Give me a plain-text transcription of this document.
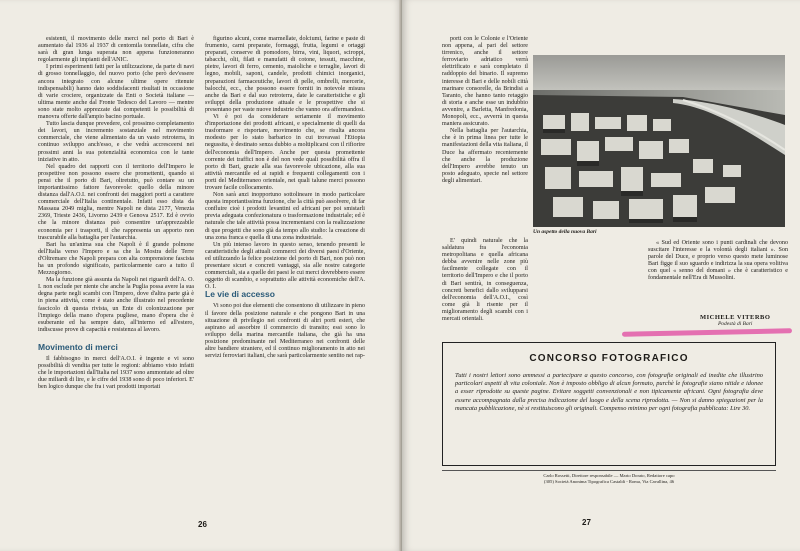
esistenti, il movimento delle merci nel porto di Bari è aumentato dal 1936 al 1937 di centomila tonnellate, cifra che sarà di gran lunga superata non appena funzioneranno regolarmente gli impianti dell'ANIC.

I primi esperimenti fatti per la utilizzazione, da parte di navi di grosso tonnellaggio, del nuovo porto (che però dev'essere ancora integrato con alcune ultime opere ritenute indispensabili) hanno dato soddisfacenti risultati in occasione di varie crociere, organizzate da Enti o Società italiane — ultima mente anche dal Fronte Tedesco del Lavoro — mentre sono state molto apprezzate dai competenti le possibilità di manovra offerte dall'ampio bacino portuale.

Tutto lascia dunque prevedere, col prossimo completamento dei lavori, un incremento sostanziale nel movimento commerciale, che viene alimentato da un vasto retroterra, in continuo sviluppo anch'esso, e che vedrà accresceersi nei prossimi anni la sua potenzialità economica con le tante iniziative in atto.

Nel quadro dei rapporti con il territorio dell'Impero le prospettive non possono essere che promettenti, quando si pensi che il porto di Bari, oltretutto, può contare su un importantissimo fattore favorevole: quello della minore distanza dall'A.O.I. nei confronti dei maggiori porti a carattere commerciale dell'Italia continentale. Infatti esso dista da Massaua 2049 miglia, mentre Napoli ne dista 2177, Venezia 2369, Trieste 2436, Livorno 2439 e Genova 2517. Ed è ovvio che la minore distanza può consentire un'apprezzabile economia per i trasporti, il che rappresenta un apporto non trascurabile alla battaglia per l'autarchia.

Bari ha un'anima sua che Napoli è il grande polmone dell'Italia verso l'Impero e sa che la Mostra delle Terre d'Oltremare che Napoli prepara con alta comprensione fascista ha un profondo significato, particolarmente caro a tutto il Mezzogiorno.

Ma la funzione già assunta da Napoli nei riguardi dell'A. O. I. non esclude per niente che anche la Puglia possa avere la sua degna parte negli scambi con l'Impero, dove d'altra parte già è in piena attività, come è stato anche illustrato nel precedente fascicolo di questa rivista, un Ente di colonizzazione per l'impiego della mano d'opera pugliese, mano d'opera che è esuberante ed ha sempre dato, all'interno ed all'estero, indiscusse prove di capacità e resistenza al lavoro.

Movimento di merci

Il fabbisogno in merci dell'A.O.I. è ingente e vi sono possibilità di vendita per tutte le regioni: abbiamo visto infatti che le importazioni dall'Italia nel 1937 sono ammontate ad oltre due miliardi di lire, e le cifre del 1938 sono di poco inferiori. E' ben logico dunque che fra i vari prodotti importati

figurino alcuni, come marmellate, dolciumi, farine e paste di frumento, carni preparate, formaggi, frutta, legumi e ortaggi preparati, conserve di pomodoro, birra, vini, liquori, sciroppi, tabacchi, olii, filati e manufatti di cotone, tessuti, macchine, pietre, lavori di ferro, cemento, maioliche e terraglie, lavori di legno, mobili, saponi, candele, prodotti chimici inorganici, preparazioni farmaceutiche, lavori di pelle, ombrelli, mercerie, balocchi, ecc., che possono essere forniti in notevole misura anche da Bari e dal suo retroterra, date le caratteristiche e gli sviluppi della produzione attuale e le prospettive che si presentano per vaste nuove industrie che vanno ora affermandosi.

Vi è poi da considerare seriamente il movimento d'importazione dei prodotti africani, e specialmente di quelli da trasformare e risportare, movimento che, se risulta ancora modesto per lo stato barbarico in cui trovavasi l'Etiopia negussita, è destinato senza dubbio a moltiplicarsi con il rifiorire dell'economia dell'Impero. Anche per questa promettente corrente dei traffici non è del non vede quali possibilità offra il porto di Bari, grazie alla sua favorevole ubicazione, alla sua attività mercantile ed ai rapidi e frequenti collegamenti con i porti del Mediterraneo orientale, nei quali talune merci possono trovare facile collocamento.

Non sarà anzi inopportuno sottolineare in modo particolare questa importantissima funzione, che la città può assolvere, di far confluire cioè i prodotti levantini ed africani per poi smistarli previa adeguata confezionatura o trasformazione industriale; ed è naturale che tale attività possa incrementarsi con la realizzazione di que progetti che sono già da tempo allo studio: la creazione di una zona franca e quella di una zona industriale.

Un più intenso lavoro in questo senso, tenendo presenti le caratteristiche degli attuali commerci dei diversi paesi d'Oriente, ed utilizzando la felice posizione del porto di Bari, non può non presentare sicuri e concreti vantaggi, sia alle nostre categorie commerciali, sia a quelle dei paesi le cui merci dovrebbero essere oggetto di scambio, e soprattutto alle attività economiche dell'A. O. I.

Le vie di accesso

Vi sono poi due elementi che consentono di utilizzare in pieno il favore della posizione naturale e che pongono Bari in una situazione di privilegio nei confronti di altri porti esteri, che aspirano ad assorbire il commercio di transito; essi sono lo sviluppo della marina mercantile italiana, che già ha una posizione predominante nel Mediterraneo nei confronti delle altre bandiere straniere, ed il continuo miglioramento in atto nei servizi ferroviari italiani, che sarà particolarmente sentito nei rap-

26

porti con le Colonie e l'Oriente non appena, al pari del settore tirrenico, anche il settore ferroviario adriatico verrà elettrificato e sarà completato il raddoppio del binario. Il supremo interesse di Bari e delle nobili città marinare consorelle, da Brindisi a Taranto, che hanno tanto retaggio di storia e anche esse un indubbio avvenire, a Barletta, Manfredonia, Monopoli, ecc., avverrà in questa maniera assicurato.

Nella battaglia per l'autarchia, che è in prima linea per tutte le manifestazioni della vita italiana, il Duce ha affermato recentemente che anche la produzione dell'Impero avrebbe tenuto un posto adeguato, specie nel settore degli alimentari.

Un aspetto della nuova Bari

E' quindi naturale che la saldatura fra l'economia metropolitana e quella africana debba avvenire nelle zone più facilmente collegate con il territorio dell'Impero e che il porto di Bari sentirà, in conseguenza, concreti benefici dallo svilupparsi dell'economia dell'A.O.I., così come già li risente per il miglioramento degli scambi con i mercati orientali.

« Sud ed Oriente sono i punti cardinali che devono suscitare l'interesse e la volontà degli italiani ». Son parole del Duce, e proprio verso questo mete luminose Bari figge il suo sguardo e indirizza la sua opera volitiva con quel « senno del domani » che è caratteristico e fondamentale nell'Era di Mussolini.

MICHELE VITERBO
Podestà di Bari
CONCORSO FOTOGRAFICO
Tutti i nostri lettori sono ammessi a partecipare a questo concorso, con fotografie originali ed inedite che illustrino particolari aspetti di vita coloniale. Non è imposto obbligo di alcun formato, purchè le fotografie siano nitide e idonee a esser riprodotte su queste pagine. Evitare soggetti convenzionali e non tipicamente africani. Ogni fotografia deve essere accompagnata dalla precisa indicazione del luogo e della scena riprodotta. — Non si danno spiegazioni per la mancata pubblicazione, nè si restituiscono gli originali. Compenso minimo per ogni fotografia pubblicata: Lire 30.
Carlo Rossetti, Direttore responsabile — Mario Dorato, Redattore capo
(305) Società Anonima Tipografica Castaldi - Roma, Via Cavallina, 46
27
